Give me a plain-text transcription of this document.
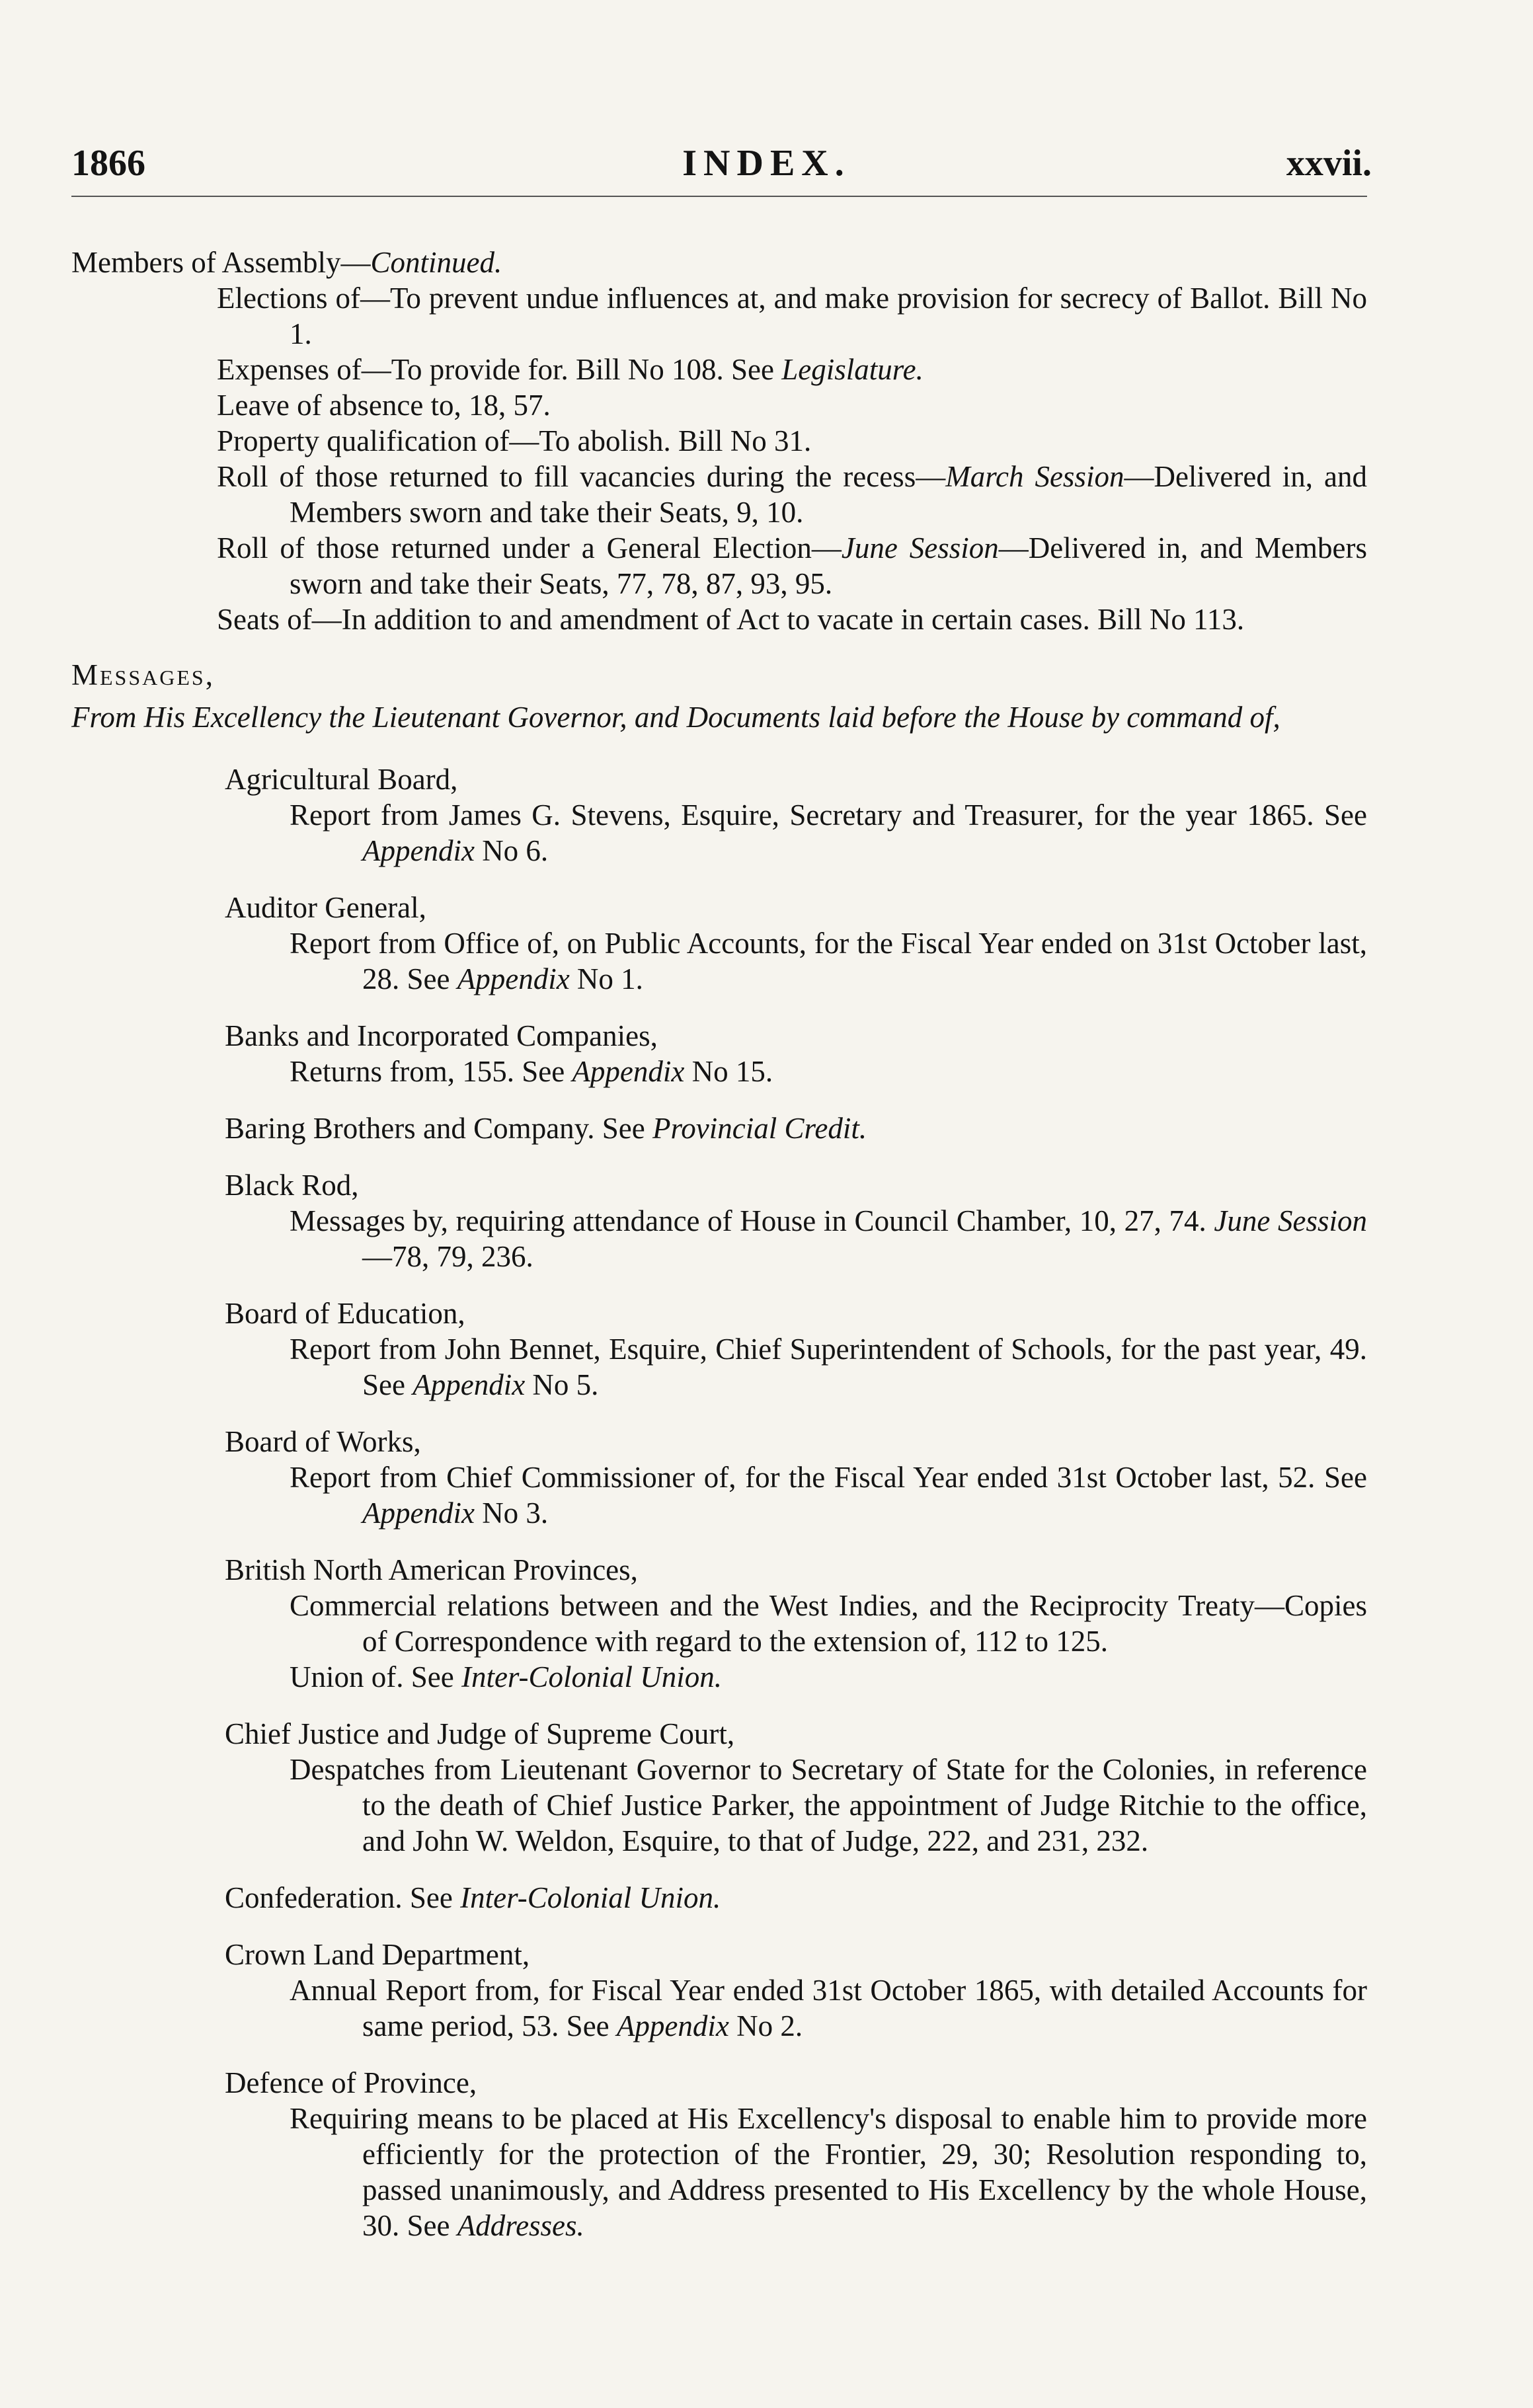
1866	INDEX.	xxvii.
Members of Assembly—Continued.
Elections of—To prevent undue influences at, and make provision for secrecy of Ballot. Bill No 1.
Expenses of—To provide for. Bill No 108. See Legislature.
Leave of absence to, 18, 57.
Property qualification of—To abolish. Bill No 31.
Roll of those returned to fill vacancies during the recess—March Session—Delivered in, and Members sworn and take their Seats, 9, 10.
Roll of those returned under a General Election—June Session—Delivered in, and Members sworn and take their Seats, 77, 78, 87, 93, 95.
Seats of—In addition to and amendment of Act to vacate in certain cases. Bill No 113.
Messages,
From His Excellency the Lieutenant Governor, and Documents laid before the House by command of,
Agricultural Board,
Report from James G. Stevens, Esquire, Secretary and Treasurer, for the year 1865. See Appendix No 6.
Auditor General,
Report from Office of, on Public Accounts, for the Fiscal Year ended on 31st October last, 28. See Appendix No 1.
Banks and Incorporated Companies,
Returns from, 155. See Appendix No 15.
Baring Brothers and Company. See Provincial Credit.
Black Rod,
Messages by, requiring attendance of House in Council Chamber, 10, 27, 74. June Session—78, 79, 236.
Board of Education,
Report from John Bennet, Esquire, Chief Superintendent of Schools, for the past year, 49. See Appendix No 5.
Board of Works,
Report from Chief Commissioner of, for the Fiscal Year ended 31st October last, 52. See Appendix No 3.
British North American Provinces,
Commercial relations between and the West Indies, and the Reciprocity Treaty—Copies of Correspondence with regard to the extension of, 112 to 125.
Union of. See Inter-Colonial Union.
Chief Justice and Judge of Supreme Court,
Despatches from Lieutenant Governor to Secretary of State for the Colonies, in reference to the death of Chief Justice Parker, the appointment of Judge Ritchie to the office, and John W. Weldon, Esquire, to that of Judge, 222, and 231, 232.
Confederation. See Inter-Colonial Union.
Crown Land Department,
Annual Report from, for Fiscal Year ended 31st October 1865, with detailed Accounts for same period, 53. See Appendix No 2.
Defence of Province,
Requiring means to be placed at His Excellency's disposal to enable him to provide more efficiently for the protection of the Frontier, 29, 30; Resolution responding to, passed unanimously, and Address presented to His Excellency by the whole House, 30. See Addresses.
